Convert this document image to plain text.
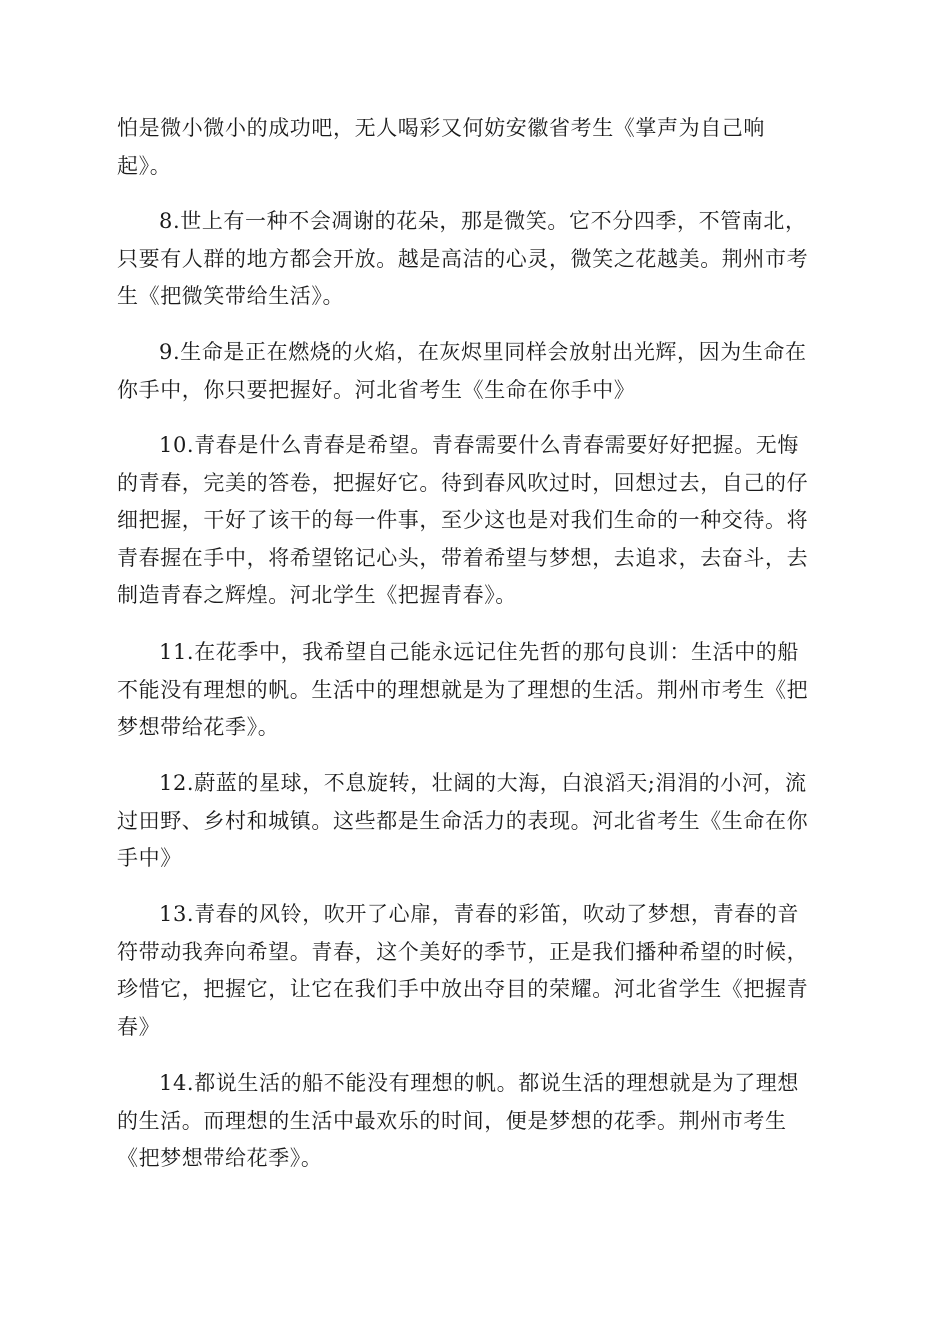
怕是微小微小的成功吧，无人喝彩又何妨安徽省考生《掌声为自己响
起》。

8.世上有一种不会凋谢的花朵，那是微笑。它不分四季，不管南北，
只要有人群的地方都会开放。越是高洁的心灵，微笑之花越美。荆州市考
生《把微笑带给生活》。

9.生命是正在燃烧的火焰，在灰烬里同样会放射出光辉，因为生命在
你手中，你只要把握好。河北省考生《生命在你手中》

10.青春是什么青春是希望。青春需要什么青春需要好好把握。无悔
的青春，完美的答卷，把握好它。待到春风吹过时，回想过去，自己的仔
细把握，干好了该干的每一件事，至少这也是对我们生命的一种交待。将
青春握在手中，将希望铭记心头，带着希望与梦想，去追求，去奋斗，去
制造青春之辉煌。河北学生《把握青春》。

11.在花季中，我希望自己能永远记住先哲的那句良训：生活中的船
不能没有理想的帆。生活中的理想就是为了理想的生活。荆州市考生《把
梦想带给花季》。

12.蔚蓝的星球，不息旋转，壮阔的大海，白浪滔天;涓涓的小河，流
过田野、乡村和城镇。这些都是生命活力的表现。河北省考生《生命在你
手中》

13.青春的风铃，吹开了心扉，青春的彩笛，吹动了梦想，青春的音
符带动我奔向希望。青春，这个美好的季节，正是我们播种希望的时候，
珍惜它，把握它，让它在我们手中放出夺目的荣耀。河北省学生《把握青
春》

14.都说生活的船不能没有理想的帆。都说生活的理想就是为了理想
的生活。而理想的生活中最欢乐的时间，便是梦想的花季。荆州市考生
《把梦想带给花季》。
